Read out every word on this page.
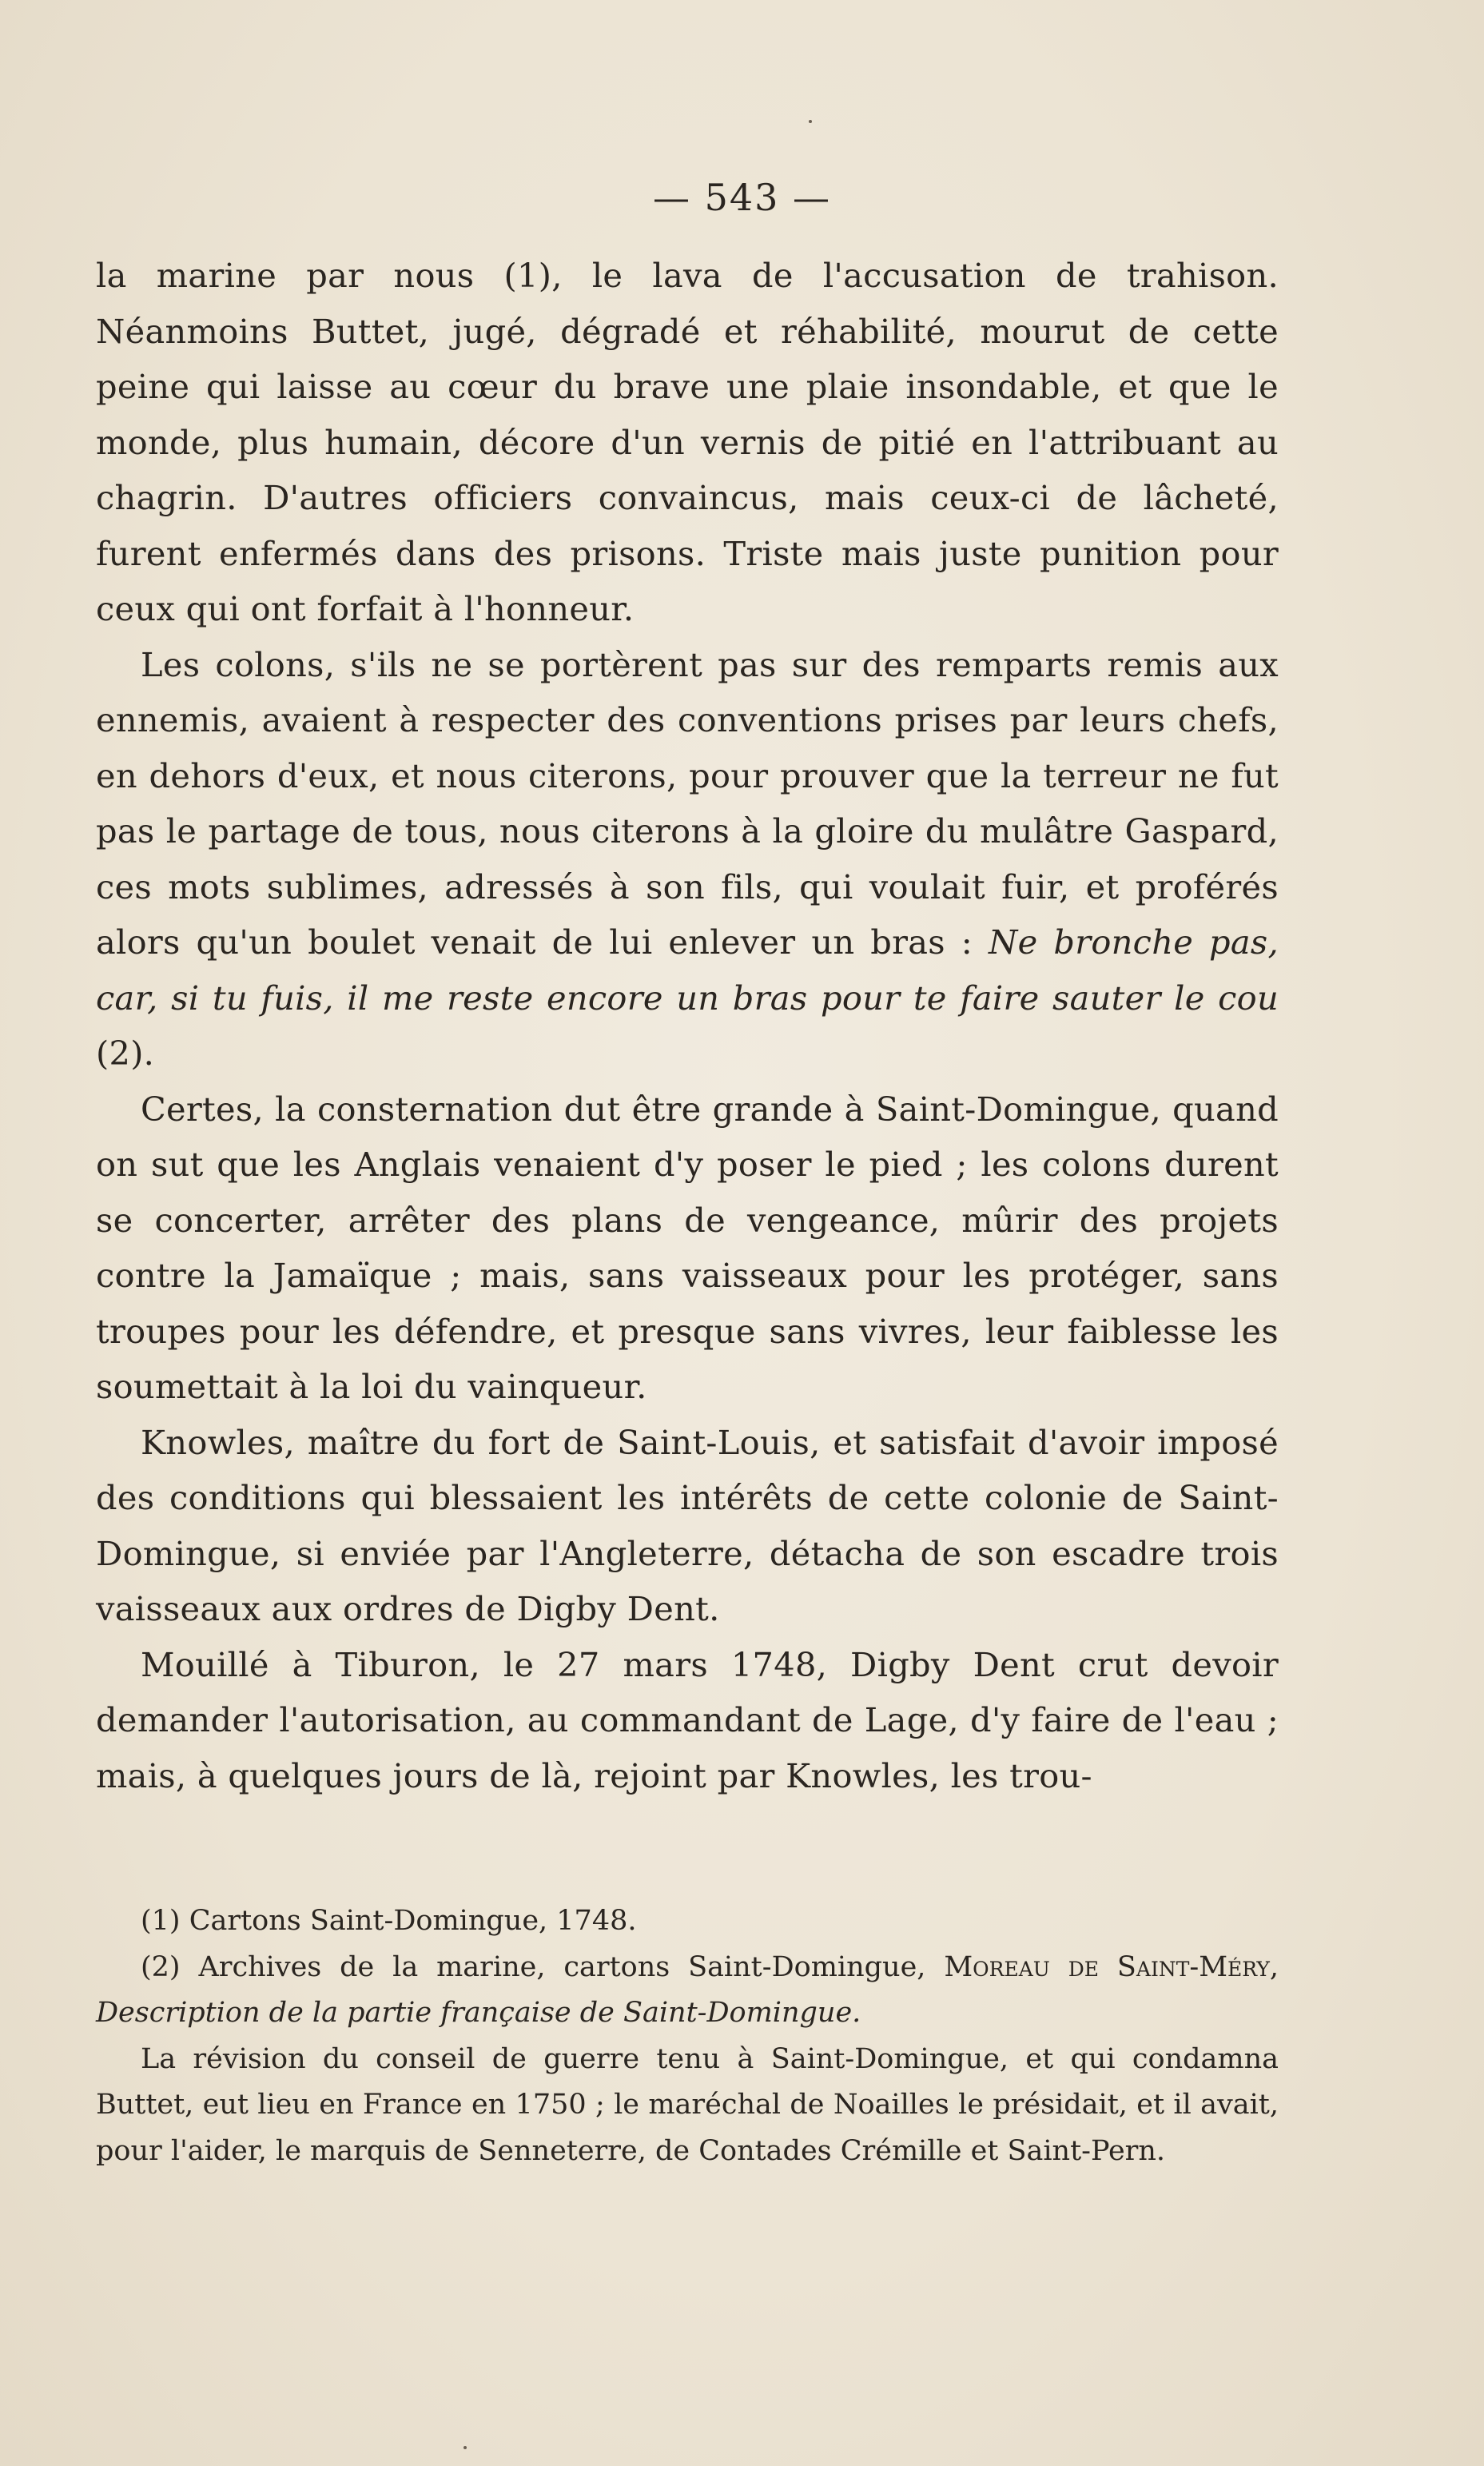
— 543 —

la marine par nous (1), le lava de l'accusation de trahison. Néanmoins Buttet, jugé, dégradé et réhabilité, mourut de cette peine qui laisse au cœur du brave une plaie insondable, et que le monde, plus humain, décore d'un vernis de pitié en l'attribuant au chagrin. D'autres officiers convaincus, mais ceux-ci de lâcheté, furent enfermés dans des prisons. Triste mais juste punition pour ceux qui ont forfait à l'honneur.

Les colons, s'ils ne se portèrent pas sur des remparts remis aux ennemis, avaient à respecter des conventions prises par leurs chefs, en dehors d'eux, et nous citerons, pour prouver que la terreur ne fut pas le partage de tous, nous citerons à la gloire du mulâtre Gaspard, ces mots sublimes, adressés à son fils, qui voulait fuir, et proférés alors qu'un boulet venait de lui enlever un bras : Ne bronche pas, car, si tu fuis, il me reste encore un bras pour te faire sauter le cou (2).

Certes, la consternation dut être grande à Saint-Domingue, quand on sut que les Anglais venaient d'y poser le pied ; les colons durent se concerter, arrêter des plans de vengeance, mûrir des projets contre la Jamaïque ; mais, sans vaisseaux pour les protéger, sans troupes pour les défendre, et presque sans vivres, leur faiblesse les soumettait à la loi du vainqueur.

Knowles, maître du fort de Saint-Louis, et satisfait d'avoir imposé des conditions qui blessaient les intérêts de cette colonie de Saint-Domingue, si enviée par l'Angleterre, détacha de son escadre trois vaisseaux aux ordres de Digby Dent.

Mouillé à Tiburon, le 27 mars 1748, Digby Dent crut devoir demander l'autorisation, au commandant de Lage, d'y faire de l'eau ; mais, à quelques jours de là, rejoint par Knowles, les trou-

(1) Cartons Saint-Domingue, 1748.

(2) Archives de la marine, cartons Saint-Domingue, Moreau de Saint-Méry, Description de la partie française de Saint-Domingue.

La révision du conseil de guerre tenu à Saint-Domingue, et qui condamna Buttet, eut lieu en France en 1750 ; le maréchal de Noailles le présidait, et il avait, pour l'aider, le marquis de Senneterre, de Contades Crémille et Saint-Pern.
